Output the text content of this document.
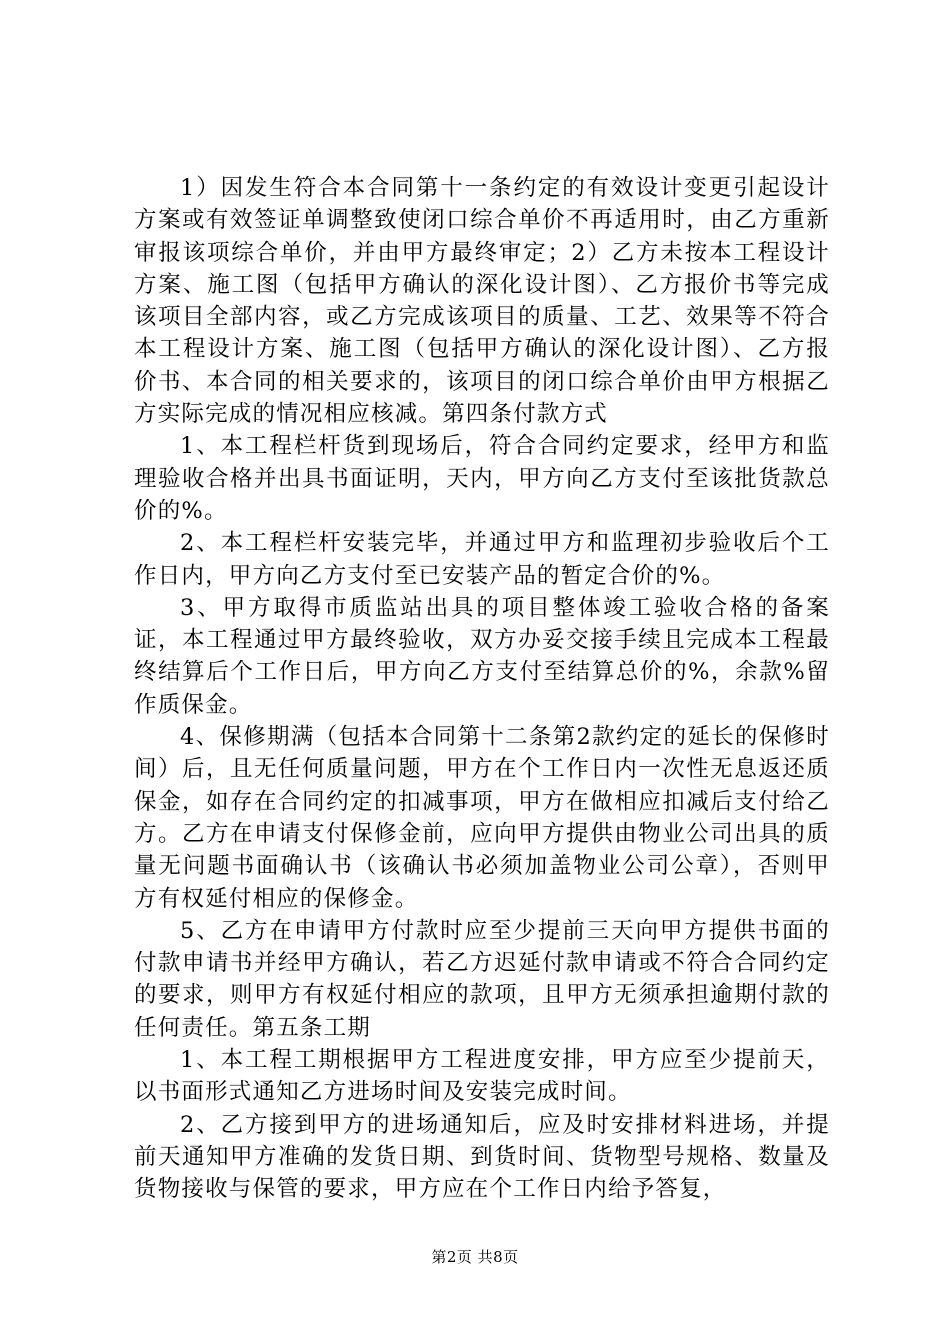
1）因发生符合本合同第十一条约定的有效设计变更引起设计方案或有效签证单调整致使闭口综合单价不再适用时，由乙方重新审报该项综合单价，并由甲方最终审定；2）乙方未按本工程设计方案、施工图（包括甲方确认的深化设计图）、乙方报价书等完成该项目全部内容，或乙方完成该项目的质量、工艺、效果等不符合本工程设计方案、施工图（包括甲方确认的深化设计图）、乙方报价书、本合同的相关要求的，该项目的闭口综合单价由甲方根据乙方实际完成的情况相应核减。第四条付款方式

1、本工程栏杆货到现场后，符合合同约定要求，经甲方和监理验收合格并出具书面证明，天内，甲方向乙方支付至该批货款总价的%。

2、本工程栏杆安装完毕，并通过甲方和监理初步验收后个工作日内，甲方向乙方支付至已安装产品的暂定合价的%。

3、甲方取得市质监站出具的项目整体竣工验收合格的备案证，本工程通过甲方最终验收，双方办妥交接手续且完成本工程最终结算后个工作日后，甲方向乙方支付至结算总价的%，余款%留作质保金。

4、保修期满（包括本合同第十二条第2款约定的延长的保修时间）后，且无任何质量问题，甲方在个工作日内一次性无息返还质保金，如存在合同约定的扣减事项，甲方在做相应扣减后支付给乙方。乙方在申请支付保修金前，应向甲方提供由物业公司出具的质量无问题书面确认书（该确认书必须加盖物业公司公章），否则甲方有权延付相应的保修金。

5、乙方在申请甲方付款时应至少提前三天向甲方提供书面的付款申请书并经甲方确认，若乙方迟延付款申请或不符合合同约定的要求，则甲方有权延付相应的款项，且甲方无须承担逾期付款的任何责任。第五条工期

1、本工程工期根据甲方工程进度安排，甲方应至少提前天，以书面形式通知乙方进场时间及安装完成时间。

2、乙方接到甲方的进场通知后，应及时安排材料进场，并提前天通知甲方准确的发货日期、到货时间、货物型号规格、数量及货物接收与保管的要求，甲方应在个工作日内给予答复，

第2页 共8页
